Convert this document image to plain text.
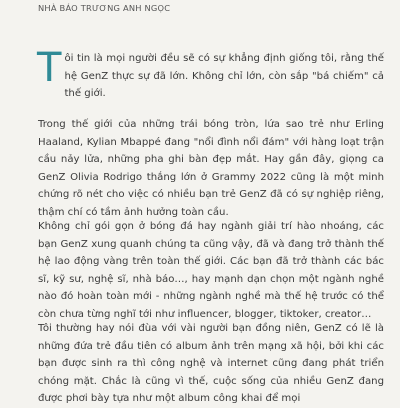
NHÀ BÁO TRƯƠNG ANH NGỌC
T ôi tin là mọi người đều sẽ có sự khẳng định giống tôi, rằng thế hệ GenZ thực sự đã lớn. Không chỉ lớn, còn sắp "bá chiếm" cả thế giới.
Trong thế giới của những trái bóng tròn, lứa sao trẻ như Erling Haaland, Kylian Mbappé đang "nổi đình nổi đám" với hàng loạt trận cầu nảy lửa, những pha ghi bàn đẹp mắt. Hay gần đây, giọng ca GenZ Olivia Rodrigo thắng lớn ở Grammy 2022 cũng là một minh chứng rõ nét cho việc có nhiều bạn trẻ GenZ đã có sự nghiệp riêng, thậm chí có tầm ảnh hưởng toàn cầu.
Không chỉ gói gọn ở bóng đá hay ngành giải trí hào nhoáng, các bạn GenZ xung quanh chúng ta cũng vậy, đã và đang trở thành thế hệ lao động vàng trên toàn thế giới. Các bạn đã trở thành các bác sĩ, kỹ sư, nghệ sĩ, nhà báo…, hay mạnh dạn chọn một ngành nghề nào đó hoàn toàn mới - những ngành nghề mà thế hệ trước có thể còn chưa từng nghĩ tới như influencer, blogger, tiktoker, creator…
Tôi thường hay nói đùa với vài người bạn đồng niên, GenZ có lẽ là những đứa trẻ đầu tiên có album ảnh trên mạng xã hội, bởi khi các bạn được sinh ra thì công nghệ và internet cũng đang phát triển chóng mặt. Chắc là cũng vì thế, cuộc sống của nhiều GenZ đang được phơi bày tựa như một album công khai để mọi
